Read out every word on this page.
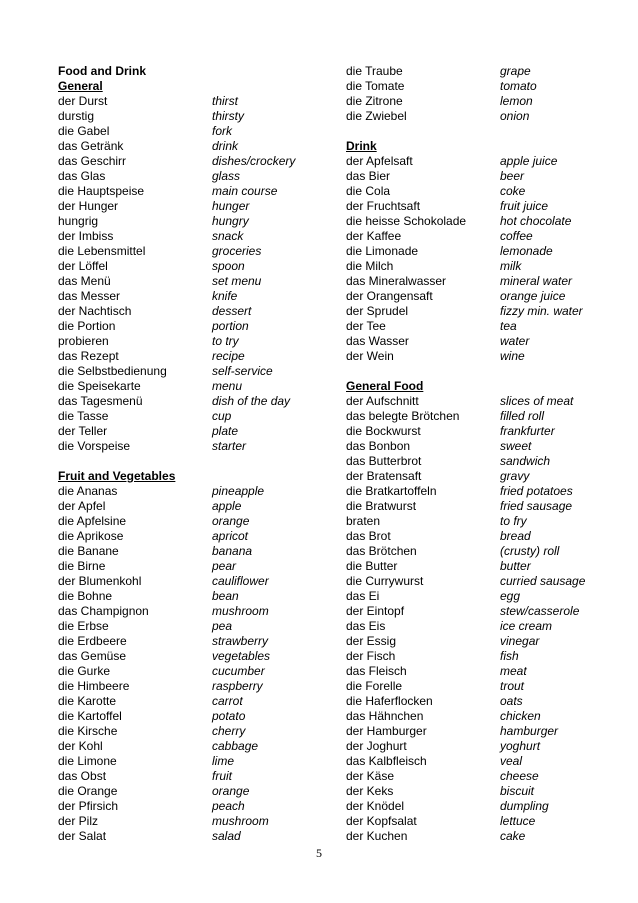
Food and Drink
General
der Durst	thirst
durstig	thirsty
die Gabel	fork
das Getränk	drink
das Geschirr	dishes/crockery
das Glas	glass
die Hauptspeise	main course
der Hunger	hunger
hungrig	hungry
der Imbiss	snack
die Lebensmittel	groceries
der Löffel	spoon
das Menü	set menu
das Messer	knife
der Nachtisch	dessert
die Portion	portion
probieren	to try
das Rezept	recipe
die Selbstbedienung	self-service
die Speisekarte	menu
das Tagesmenü	dish of the day
die Tasse	cup
der Teller	plate
die Vorspeise	starter
Fruit and Vegetables
die Ananas	pineapple
der Apfel	apple
die Apfelsine	orange
die Aprikose	apricot
die Banane	banana
die Birne	pear
der Blumenkohl	cauliflower
die Bohne	bean
das Champignon	mushroom
die Erbse	pea
die Erdbeere	strawberry
das Gemüse	vegetables
die Gurke	cucumber
die Himbeere	raspberry
die Karotte	carrot
die Kartoffel	potato
die Kirsche	cherry
der Kohl	cabbage
die Limone	lime
das Obst	fruit
die Orange	orange
der Pfirsich	peach
der Pilz	mushroom
der Salat	salad
die Traube	grape
die Tomate	tomato
die Zitrone	lemon
die Zwiebel	onion
Drink
der Apfelsaft	apple juice
das Bier	beer
die Cola	coke
der Fruchtsaft	fruit juice
die heisse Schokolade	hot chocolate
der Kaffee	coffee
die Limonade	lemonade
die Milch	milk
das Mineralwasser	mineral water
der Orangensaft	orange juice
der Sprudel	fizzy min. water
der Tee	tea
das Wasser	water
der Wein	wine
General Food
der Aufschnitt	slices of meat
das belegte Brötchen	filled roll
die Bockwurst	frankfurter
das Bonbon	sweet
das Butterbrot	sandwich
der Bratensaft	gravy
die Bratkartoffeln	fried potatoes
die Bratwurst	fried sausage
braten	to fry
das Brot	bread
das Brötchen	(crusty) roll
die Butter	butter
die Currywurst	curried sausage
das Ei	egg
der Eintopf	stew/casserole
das Eis	ice cream
der Essig	vinegar
der Fisch	fish
das Fleisch	meat
die Forelle	trout
die Haferflocken	oats
das Hähnchen	chicken
der Hamburger	hamburger
der Joghurt	yoghurt
das Kalbfleisch	veal
der Käse	cheese
der Keks	biscuit
der Knödel	dumpling
der Kopfsalat	lettuce
der Kuchen	cake
5
